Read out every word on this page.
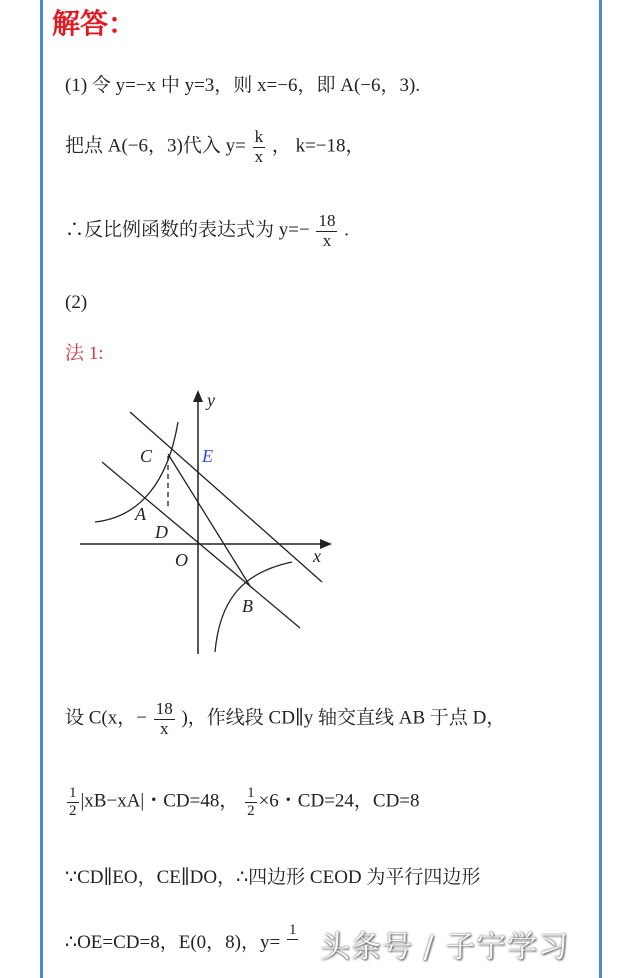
解答：
(1) 令 y=−x 中 y=3，则 x=−6，即 A(−6，3).
把点 A(−6，3)代入 $y= \frac{k}{x}$ ， k=−18，
∴反比例函数的表达式为 $y=- \frac{18}{x}$ .
(2)
法 1:
y
x
C	E
A
D
O
B
设 C(x，− $\frac{18}{x}$ )，作线段 CD∥y 轴交直线 AB 于点 D，
$\frac{1}{2} |xB-xA|$・CD=48， $\frac{1}{2} \times 6$・CD=24，CD=8
∵CD∥EO，CE∥DO，∴四边形 CEOD 为平行四边形
∴OE=CD=8，E(0，8)，y=
1 头条号 / 子宁学习
